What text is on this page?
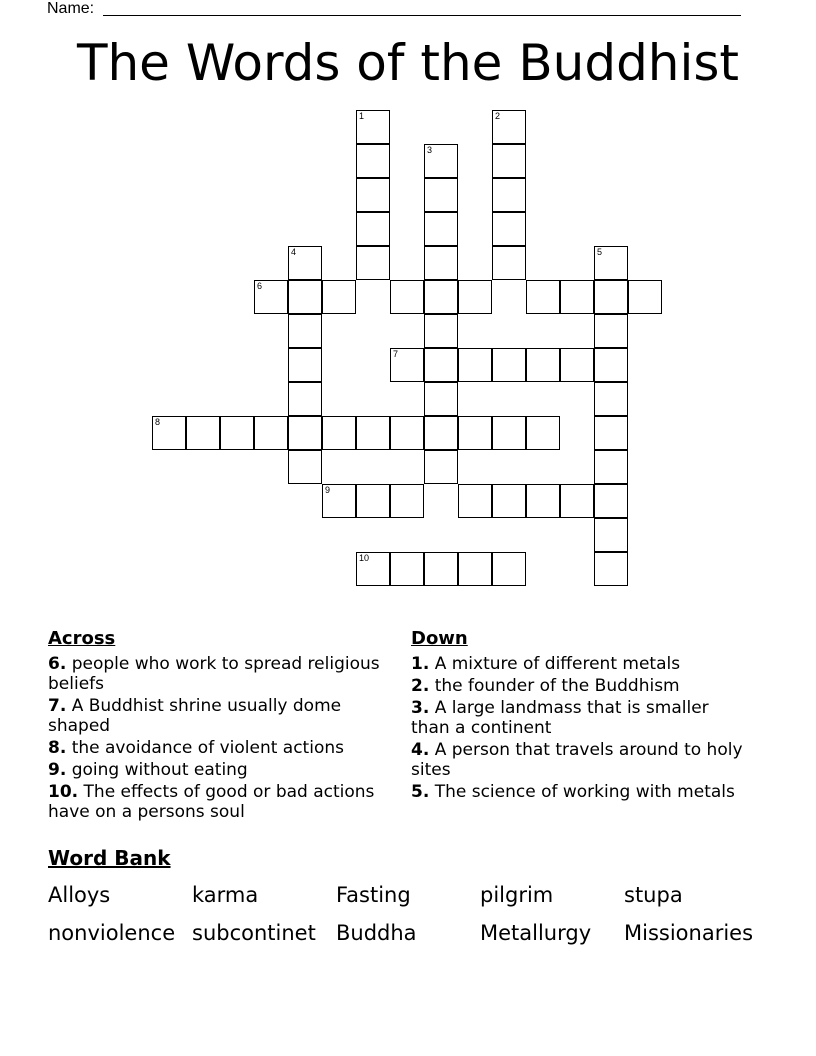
Name:
The Words of the Buddhist
1	2
3
4	5
6
7
8
9
10
Across
6. people who work to spread religious beliefs
7. A Buddhist shrine usually dome shaped
8. the avoidance of violent actions
9. going without eating
10. The effects of good or bad actions have on a persons soul
Down
1. A mixture of different metals
2. the founder of the Buddhism
3. A large landmass that is smaller than a continent
4. A person that travels around to holy sites
5. The science of working with metals
Word Bank
Alloys	karma	Fasting	pilgrim	stupa
nonviolence subcontinet Buddha	Metallurgy	Missionaries
